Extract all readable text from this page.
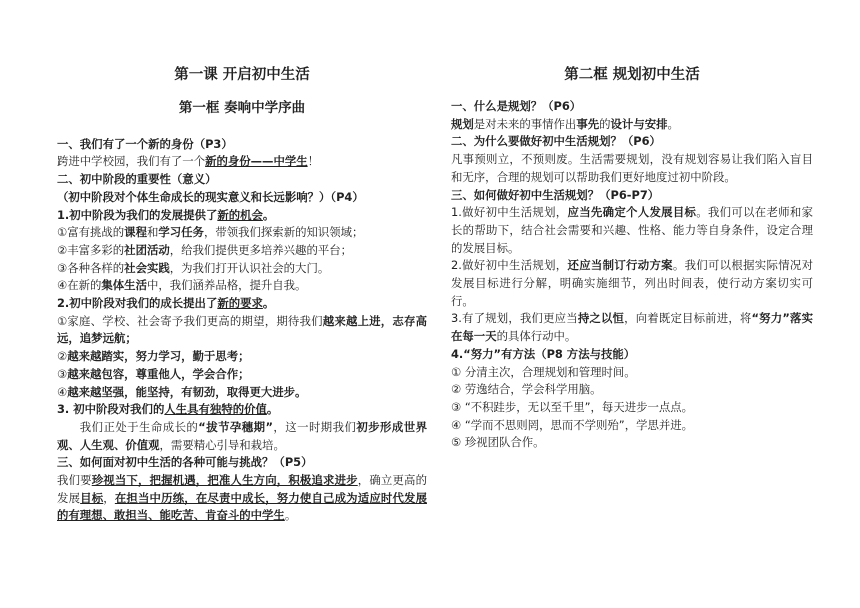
第一课 开启初中生活
第一框 奏响中学序曲
一、我们有了一个新的身份（P3）
跨进中学校园，我们有了一个新的身份——中学生！
二、初中阶段的重要性（意义）
（初中阶段对个体生命成长的现实意义和长远影响？）（P4）
1.初中阶段为我们的发展提供了新的机会。
①富有挑战的课程和学习任务，带领我们探索新的知识领域；
②丰富多彩的社团活动，给我们提供更多培养兴趣的平台；
③各种各样的社会实践，为我们打开认识社会的大门。
④在新的集体生活中，我们涵养品格，提升自我。
2.初中阶段对我们的成长提出了新的要求。
①家庭、学校、社会寄予我们更高的期望，期待我们越来越上进，志存高远，追梦远航；
②越来越踏实，努力学习，勤于思考；
③越来越包容，尊重他人，学会合作；
④越来越坚强，能坚持，有韧劲，取得更大进步。
3. 初中阶段对我们的人生具有独特的价值。
我们正处于生命成长的“拔节孕穗期”，这一时期我们初步形成世界观、人生观、价值观，需要精心引导和栽培。
三、如何面对初中生活的各种可能与挑战？（P5）
我们要珍视当下，把握机遇，把准人生方向，积极追求进步，确立更高的发展目标，在担当中历练，在尽责中成长，努力使自己成为适应时代发展的有理想、敢担当、能吃苦、肯奋斗的中学生。
第二框 规划初中生活
一、什么是规划？（P6）
规划是对未来的事情作出事先的设计与安排。
二、为什么要做好初中生活规划？（P6）
凡事预则立，不预则废。生活需要规划，没有规划容易让我们陷入盲目和无序，合理的规划可以帮助我们更好地度过初中阶段。
三、如何做好初中生活规划？（P6-P7）
1.做好初中生活规划，应当先确定个人发展目标。我们可以在老师和家长的帮助下，结合社会需要和兴趣、性格、能力等自身条件，设定合理的发展目标。
2.做好初中生活规划，还应当制订行动方案。我们可以根据实际情况对发展目标进行分解，明确实施细节，列出时间表，使行动方案切实可行。
3.有了规划，我们更应当持之以恒，向着既定目标前进，将“努力”落实在每一天的具体行动中。
4.“努力”有方法（P8 方法与技能）
① 分清主次，合理规划和管理时间。
② 劳逸结合，学会科学用脑。
③ “不积跬步，无以至千里”，每天进步一点点。
④ “学而不思则罔，思而不学则殆”，学思并进。
⑤ 珍视团队合作。
